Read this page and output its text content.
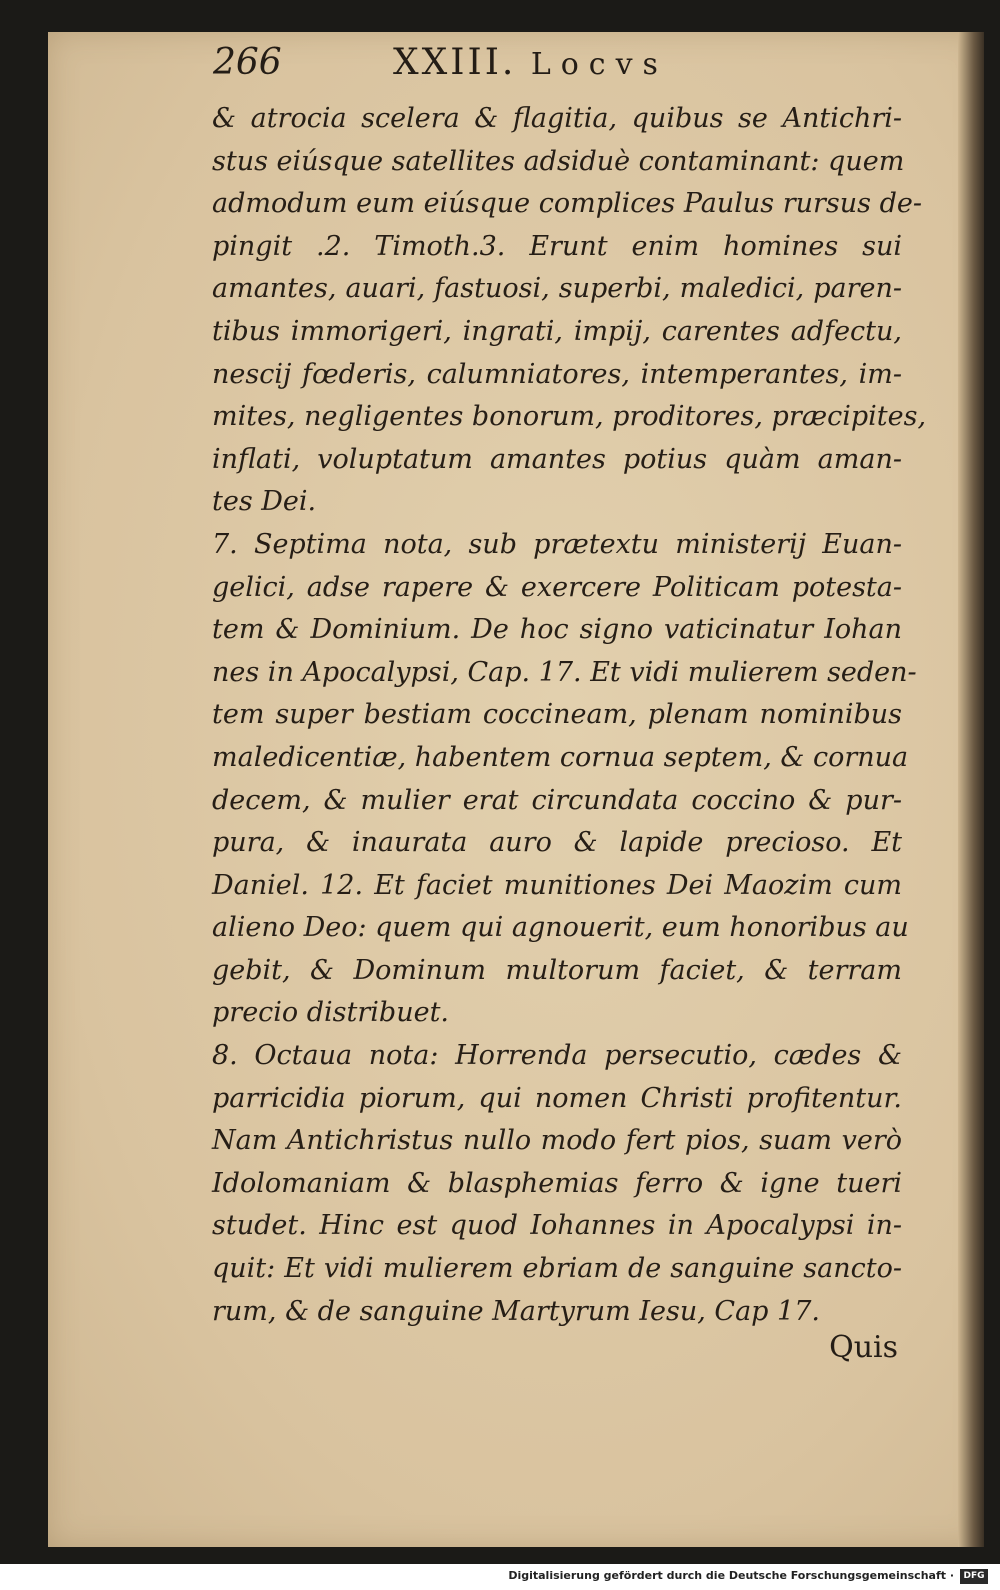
266	XXIII. Locvs
& atrocia scelera & flagitia, quibus se Antichri-
stus eiúsque satellites adsiduè contaminant: quem
admodum eum eiúsque complices Paulus rursus de-
pingit .2. Timoth.3. Erunt enim homines sui
amantes, auari, fastuosi, superbi, maledici, paren-
tibus immorigeri, ingrati, impij, carentes adfectu,
nescij fœderis, calumniatores, intemperantes, im-
mites, negligentes bonorum, proditores, præcipites,
inflati, voluptatum amantes potius quàm aman-
tes Dei.
7. Septima nota, sub prætextu ministerij Euan-
gelici, adse rapere & exercere Politicam potesta-
tem & Dominium. De hoc signo vaticinatur Iohan
nes in Apocalypsi, Cap. 17. Et vidi mulierem seden-
tem super bestiam coccineam, plenam nominibus
maledicentiæ, habentem cornua septem, & cornua
decem, & mulier erat circundata coccino & pur-
pura, & inaurata auro & lapide precioso. Et
Daniel. 12. Et faciet munitiones Dei Maozim cum
alieno Deo: quem qui agnouerit, eum honoribus au
gebit, & Dominum multorum faciet, & terram
precio distribuet.
8. Octaua nota: Horrenda persecutio, cædes &
parricidia piorum, qui nomen Christi profitentur.
Nam Antichristus nullo modo fert pios, suam verò
Idolomaniam & blasphemias ferro & igne tueri
studet. Hinc est quod Iohannes in Apocalypsi in-
quit: Et vidi mulierem ebriam de sanguine sancto-
rum, & de sanguine Martyrum Iesu, Cap 17.
Quis
Digitalisierung gefördert durch die Deutsche Forschungsgemeinschaft ·	DFG
